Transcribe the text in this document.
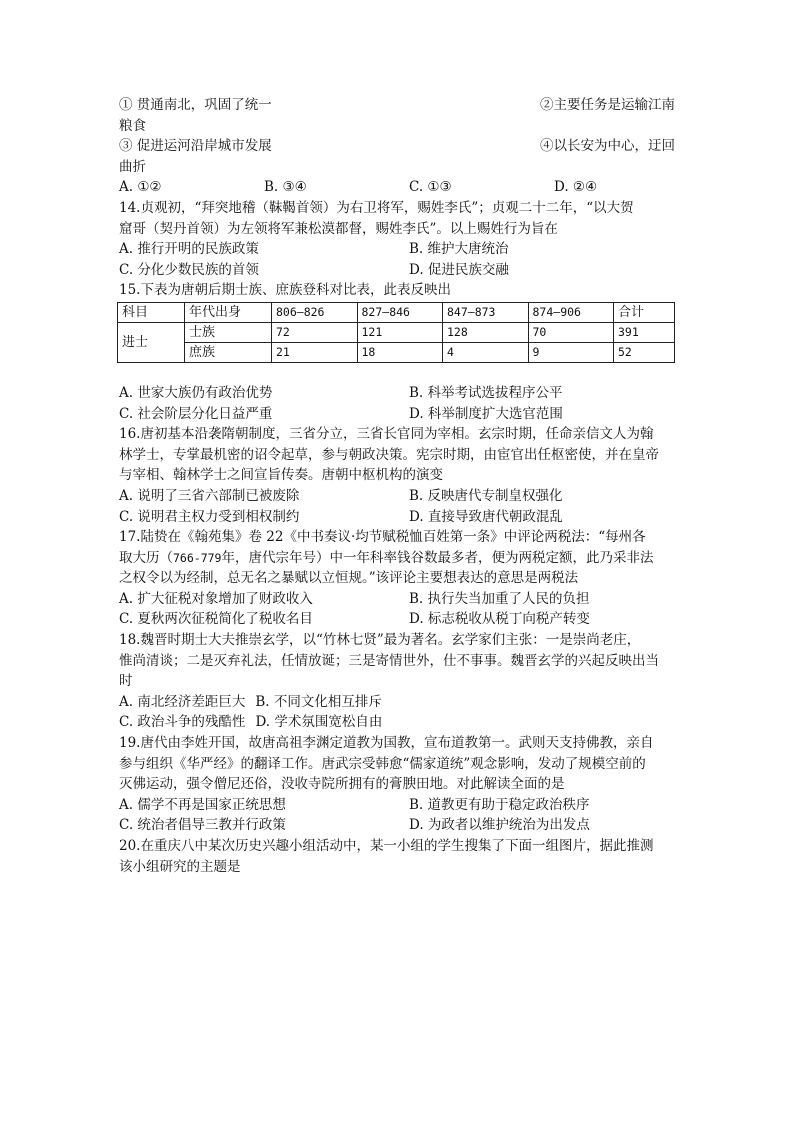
① 贯通南北，巩固了统一	②主要任务是运输江南
粮食
③ 促进运河沿岸城市发展	④以长安为中心，迂回
曲折
A. ①②	B. ③④	C. ①③	D. ②④
14.贞观初，“拜突地稽（靺鞨首领）为右卫将军，赐姓李氏”；贞观二十二年，“以大贺
窟哥（契丹首领）为左领将军兼松漠都督，赐姓李氏”。以上赐姓行为旨在
A. 推行开明的民族政策	B. 维护大唐统治
C. 分化少数民族的首领	D. 促进民族交融
15.下表为唐朝后期士族、庶族登科对比表，此表反映出
科目	年代出身	806—826	827—846	847—873	874—906	合计
进士	士族	72	121	128	70	391
	庶族	21	18	4	9	52
A. 世家大族仍有政治优势	B. 科举考试选拔程序公平
C. 社会阶层分化日益严重	D. 科举制度扩大选官范围
16.唐初基本沿袭隋朝制度，三省分立，三省长官同为宰相。玄宗时期，任命亲信文人为翰
林学士，专掌最机密的诏令起草，参与朝政决策。宪宗时期，由宦官出任枢密使，并在皇帝
与宰相、翰林学士之间宣旨传奏。唐朝中枢机构的演变
A. 说明了三省六部制已被废除	B. 反映唐代专制皇权强化
C. 说明君主权力受到相权制约	D. 直接导致唐代朝政混乱
17.陆贽在《翰苑集》卷 22《中书奏议·均节赋税恤百姓第一条》中评论两税法：“每州各
取大历（ 766-779 年，唐代宗年号）中一年科率钱谷数最多者，便为两税定额，此乃采非法
之权令以为经制，总无名之暴赋以立恒规。”该评论主要想表达的意思是两税法
A. 扩大征税对象增加了财政收入	B. 执行失当加重了人民的负担
C. 夏秋两次征税简化了税收名目	D. 标志税收从税丁向税产转变
18.魏晋时期士大夫推崇玄学，以“竹林七贤”最为著名。玄学家们主张：一是崇尚老庄，
惟尚清谈；二是灭弃礼法，任情放诞；三是寄情世外，仕不事事。魏晋玄学的兴起反映出当
时
A. 南北经济差距巨大 B. 不同文化相互排斥
C. 政治斗争的残酷性 D. 学术氛围宽松自由
19.唐代由李姓开国，故唐高祖李渊定道教为国教，宣布道教第一。武则天支持佛教，亲自
参与组织《华严经》的翻译工作。唐武宗受韩愈“儒家道统”观念影响，发动了规模空前的
灭佛运动，强令僧尼还俗，没收寺院所拥有的膏腴田地。对此解读全面的是
A. 儒学不再是国家正统思想	B. 道教更有助于稳定政治秩序
C. 统治者倡导三教并行政策	D. 为政者以维护统治为出发点
20.在重庆八中某次历史兴趣小组活动中，某一小组的学生搜集了下面一组图片，据此推测
该小组研究的主题是
